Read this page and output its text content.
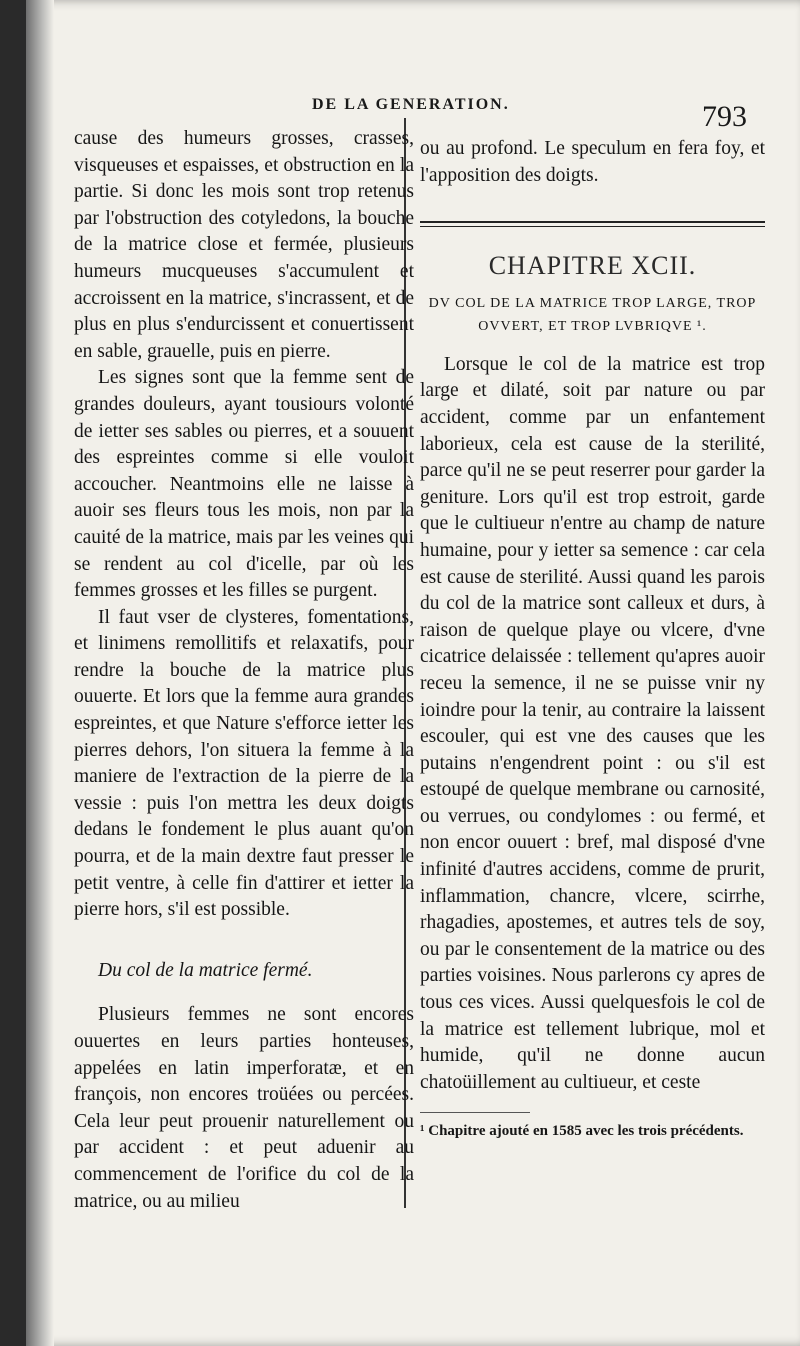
DE LA GENERATION.	793

cause des humeurs grosses, crasses, visqueuses et espaisses, et obstruction en la partie. Si donc les mois sont trop retenus par l'obstruction des cotyledons, la bouche de la matrice close et fermée, plusieurs humeurs mucqueuses s'accumulent et accroissent en la matrice, s'incrassent, et de plus en plus s'endurcissent et conuertissent en sable, grauelle, puis en pierre.

Les signes sont que la femme sent de grandes douleurs, ayant tousiours volonté de ietter ses sables ou pierres, et a souuent des espreintes comme si elle vouloit accoucher. Neantmoins elle ne laisse à auoir ses fleurs tous les mois, non par la cauité de la matrice, mais par les veines qui se rendent au col d'icelle, par où les femmes grosses et les filles se purgent.

Il faut vser de clysteres, fomentations, et linimens remollitifs et relaxatifs, pour rendre la bouche de la matrice plus ouuerte. Et lors que la femme aura grandes espreintes, et que Nature s'efforce ietter les pierres dehors, l'on situera la femme à la maniere de l'extraction de la pierre de la vessie : puis l'on mettra les deux doigts dedans le fondement le plus auant qu'on pourra, et de la main dextre faut presser le petit ventre, à celle fin d'attirer et ietter la pierre hors, s'il est possible.

Du col de la matrice fermé.

Plusieurs femmes ne sont encores ouuertes en leurs parties honteuses, appelées en latin imperforatæ, et en françois, non encores troüées ou percées. Cela leur peut prouenir naturellement ou par accident : et peut aduenir au commencement de l'orifice du col de la matrice, ou au milieu

ou au profond. Le speculum en fera foy, et l'apposition des doigts.

CHAPITRE XCII.
DV COL DE LA MATRICE TROP LARGE, TROP OVVERT, ET TROP LVBRIQVE ¹.

Lorsque le col de la matrice est trop large et dilaté, soit par nature ou par accident, comme par un enfantement laborieux, cela est cause de la sterilité, parce qu'il ne se peut reserrer pour garder la geniture. Lors qu'il est trop estroit, garde que le cultiueur n'entre au champ de nature humaine, pour y ietter sa semence : car cela est cause de sterilité. Aussi quand les parois du col de la matrice sont calleux et durs, à raison de quelque playe ou vlcere, d'vne cicatrice delaissée : tellement qu'apres auoir receu la semence, il ne se puisse vnir ny ioindre pour la tenir, au contraire la laissent escouler, qui est vne des causes que les putains n'engendrent point : ou s'il est estoupé de quelque membrane ou carnosité, ou verrues, ou condylomes : ou fermé, et non encor ouuert : bref, mal disposé d'vne infinité d'autres accidens, comme de prurit, inflammation, chancre, vlcere, scirrhe, rhagadies, apostemes, et autres tels de soy, ou par le consentement de la matrice ou des parties voisines. Nous parlerons cy apres de tous ces vices. Aussi quelquesfois le col de la matrice est tellement lubrique, mol et humide, qu'il ne donne aucun chatoüillement au cultiueur, et ceste

¹ Chapitre ajouté en 1585 avec les trois précédents.
